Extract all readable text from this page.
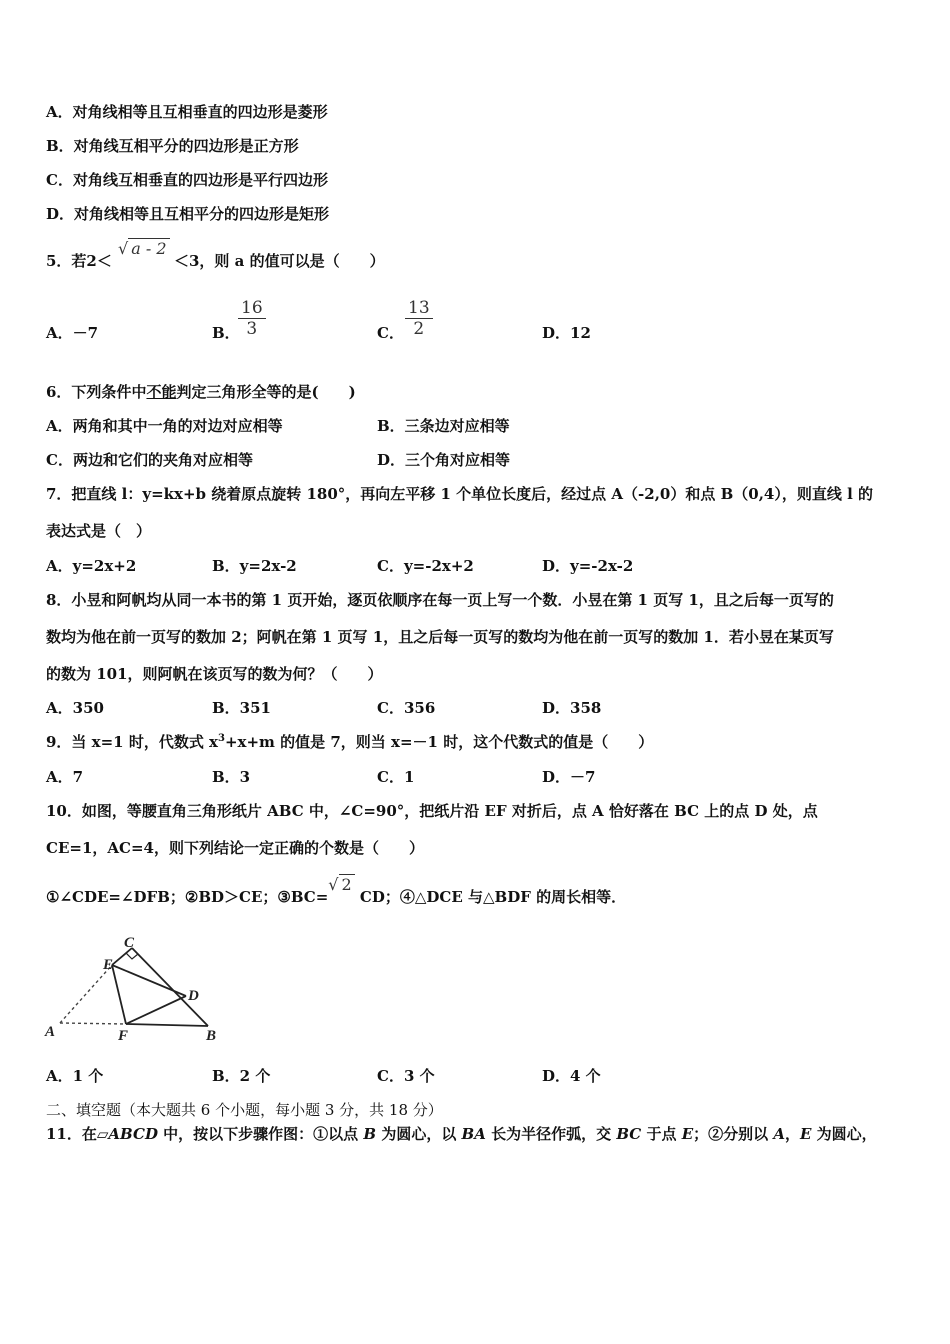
A．对角线相等且互相垂直的四边形是菱形
B．对角线互相平分的四边形是正方形
C．对角线互相垂直的四边形是平行四边形
D．对角线相等且互相平分的四边形是矩形
5．若2＜
√ a - 2
＜3，则 a 的值可以是（　　）
A．－7	B．
$\frac{16}{3}$	C． $\frac{13}{2}$	D．12
6．下列条件中不能判定三角形全等的是(　　)
A．两角和其中一角的对边对应相等	B．三条边对应相等
C．两边和它们的夹角对应相等	D．三个角对应相等
7．把直线 l：y=kx+b 绕着原点旋转 180°，再向左平移 1 个单位长度后，经过点 A（-2,0）和点 B（0,4），则直线 l 的
表达式是（　）
A．y=2x+2	B．y=2x-2	C．y=-2x+2	D．y=-2x-2
8．小昱和阿帆均从同一本书的第 1 页开始，逐页依顺序在每一页上写一个数．小昱在第 1 页写 1，且之后每一页写的
数均为他在前一页写的数加 2；阿帆在第 1 页写 1，且之后每一页写的数均为他在前一页写的数加 1．若小昱在某页写
的数为 101，则阿帆在该页写的数为何？（　　）
A．350	B．351	C．356	D．358
9．当 x=1 时，代数式 $x^3+x+m$ 的值是 7，则当 x=－1 时，这个代数式的值是（　　）
A．7	B．3	C．1	D．－7
10．如图，等腰直角三角形纸片 ABC 中，∠C=90°，把纸片沿 EF 对折后，点 A 恰好落在 BC 上的点 D 处，点
CE=1，AC=4，则下列结论一定正确的个数是（　　）
①∠CDE=∠DFB；②BD＞CE；③BC=√ 2 CD；④△DCE 与△BDF 的周长相等．
C
E
D
A	F	B
A．1 个	B．2 个	C．3 个	D．4 个
二、填空题（本大题共 6 个小题，每小题 3 分，共 18 分）
11．在▱ABCD 中，按以下步骤作图：①以点 B 为圆心，以 BA 长为半径作弧，交 BC 于点 E；②分别以 A，E 为圆心，
